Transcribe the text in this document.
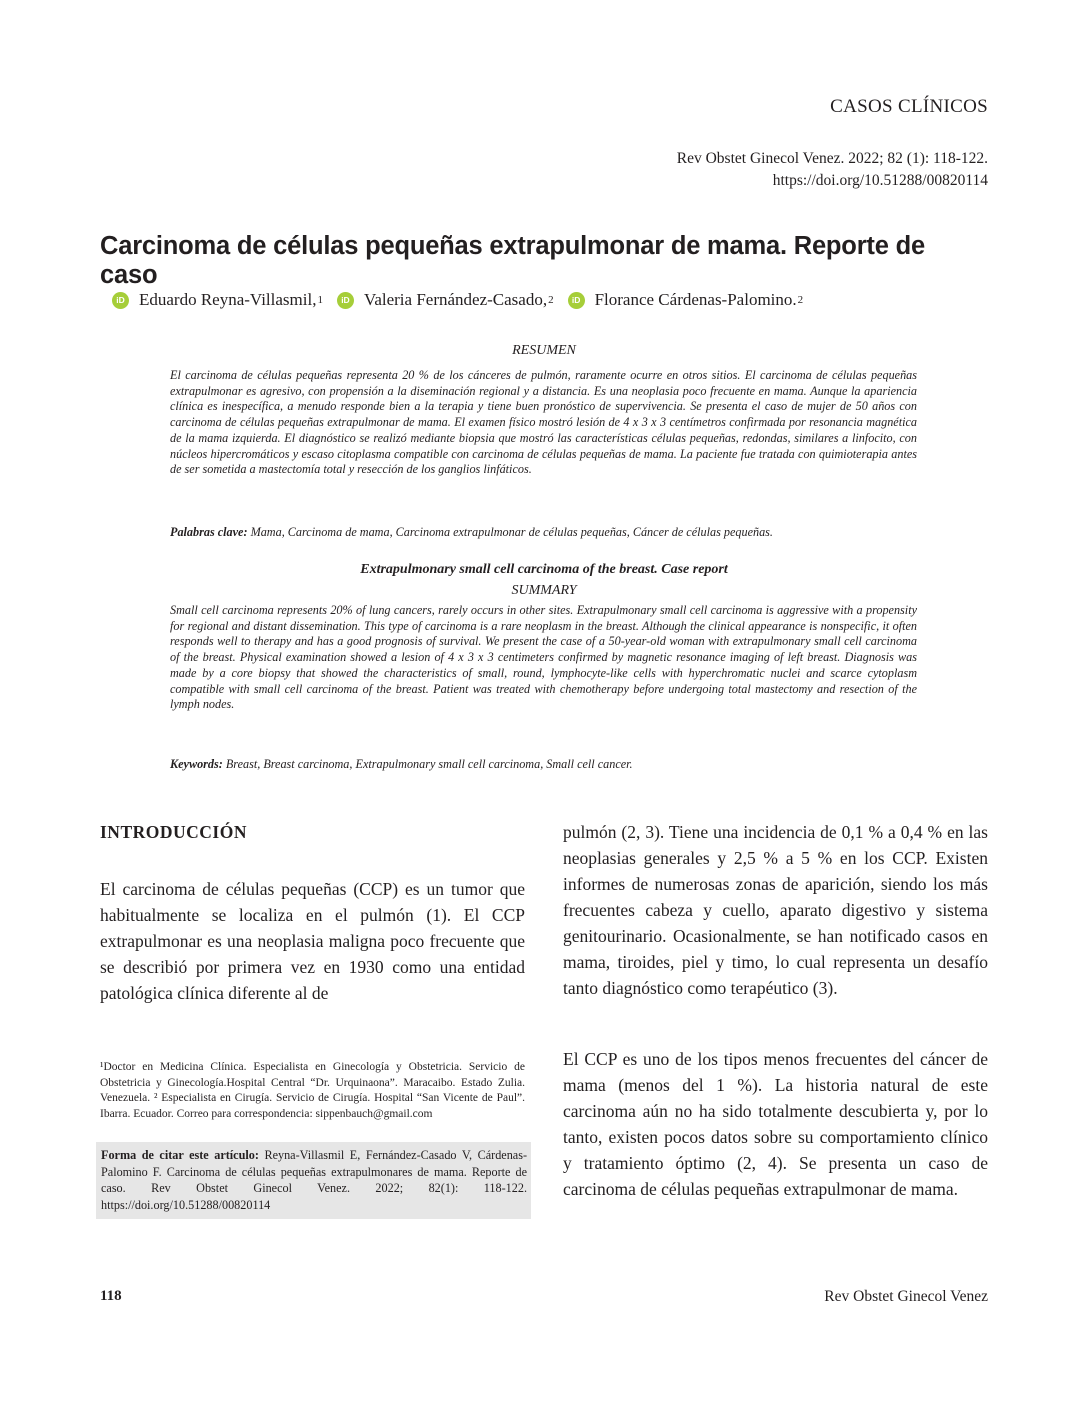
CASOS CLÍNICOS
Rev Obstet Ginecol Venez. 2022; 82 (1): 118-122.
https://doi.org/10.51288/00820114
Carcinoma de células pequeñas extrapulmonar de mama. Reporte de caso
iD Eduardo Reyna-Villasmil, 1	iD Valeria Fernández-Casado, 2	iD Florance Cárdenas-Palomino. 2
RESUMEN
El carcinoma de células pequeñas representa 20 % de los cánceres de pulmón, raramente ocurre en otros sitios. El carcinoma de células pequeñas extrapulmonar es agresivo, con propensión a la diseminación regional y a distancia. Es una neoplasia poco frecuente en mama. Aunque la apariencia clínica es inespecífica, a menudo responde bien a la terapia y tiene buen pronóstico de supervivencia. Se presenta el caso de mujer de 50 años con carcinoma de células pequeñas extrapulmonar de mama. El examen físico mostró lesión de 4 x 3 x 3 centímetros confirmada por resonancia magnética de la mama izquierda. El diagnóstico se realizó mediante biopsia que mostró las características células pequeñas, redondas, similares a linfocito, con núcleos hipercromáticos y escaso citoplasma compatible con carcinoma de células pequeñas de mama. La paciente fue tratada con quimioterapia antes de ser sometida a mastectomía total y resección de los ganglios linfáticos.
Palabras clave: Mama, Carcinoma de mama, Carcinoma extrapulmonar de células pequeñas, Cáncer de células pequeñas.
Extrapulmonary small cell carcinoma of the breast. Case report
SUMMARY
Small cell carcinoma represents 20% of lung cancers, rarely occurs in other sites. Extrapulmonary small cell carcinoma is aggressive with a propensity for regional and distant dissemination. This type of carcinoma is a rare neoplasm in the breast. Although the clinical appearance is nonspecific, it often responds well to therapy and has a good prognosis of survival. We present the case of a 50-year-old woman with extrapulmonary small cell carcinoma of the breast. Physical examination showed a lesion of 4 x 3 x 3 centimeters confirmed by magnetic resonance imaging of left breast. Diagnosis was made by a core biopsy that showed the characteristics of small, round, lymphocyte-like cells with hyperchromatic nuclei and scarce cytoplasm compatible with small cell carcinoma of the breast. Patient was treated with chemotherapy before undergoing total mastectomy and resection of the lymph nodes.
Keywords: Breast, Breast carcinoma, Extrapulmonary small cell carcinoma, Small cell cancer.
INTRODUCCIÓN
El carcinoma de células pequeñas (CCP) es un tumor que habitualmente se localiza en el pulmón (1). El CCP extrapulmonar es una neoplasia maligna poco frecuente que se describió por primera vez en 1930 como una entidad patológica clínica diferente al de
pulmón (2, 3). Tiene una incidencia de 0,1 % a 0,4 % en las neoplasias generales y 2,5 % a 5 % en los CCP. Existen informes de numerosas zonas de aparición, siendo los más frecuentes cabeza y cuello, aparato digestivo y sistema genitourinario. Ocasionalmente, se han notificado casos en mama, tiroides, piel y timo, lo cual representa un desafío tanto diagnóstico como terapéutico (3).
El CCP es uno de los tipos menos frecuentes del cáncer de mama (menos del 1 %). La historia natural de este carcinoma aún no ha sido totalmente descubierta y, por lo tanto, existen pocos datos sobre su comportamiento clínico y tratamiento óptimo (2, 4). Se presenta un caso de carcinoma de células pequeñas extrapulmonar de mama.
¹Doctor en Medicina Clínica. Especialista en Ginecología y Obstetricia. Servicio de Obstetricia y Ginecología.Hospital Central “Dr. Urquinaona”. Maracaibo. Estado Zulia. Venezuela. ² Especialista en Cirugía. Servicio de Cirugía. Hospital “San Vicente de Paul”. Ibarra. Ecuador. Correo para correspondencia: sippenbauch@gmail.com
Forma de citar este artículo: Reyna-Villasmil E, Fernández-Casado V, Cárdenas-Palomino F. Carcinoma de células pequeñas extrapulmonares de mama. Reporte de caso. Rev Obstet Ginecol Venez. 2022; 82(1): 118-122. https://doi.org/10.51288/00820114
118	Rev Obstet Ginecol Venez
